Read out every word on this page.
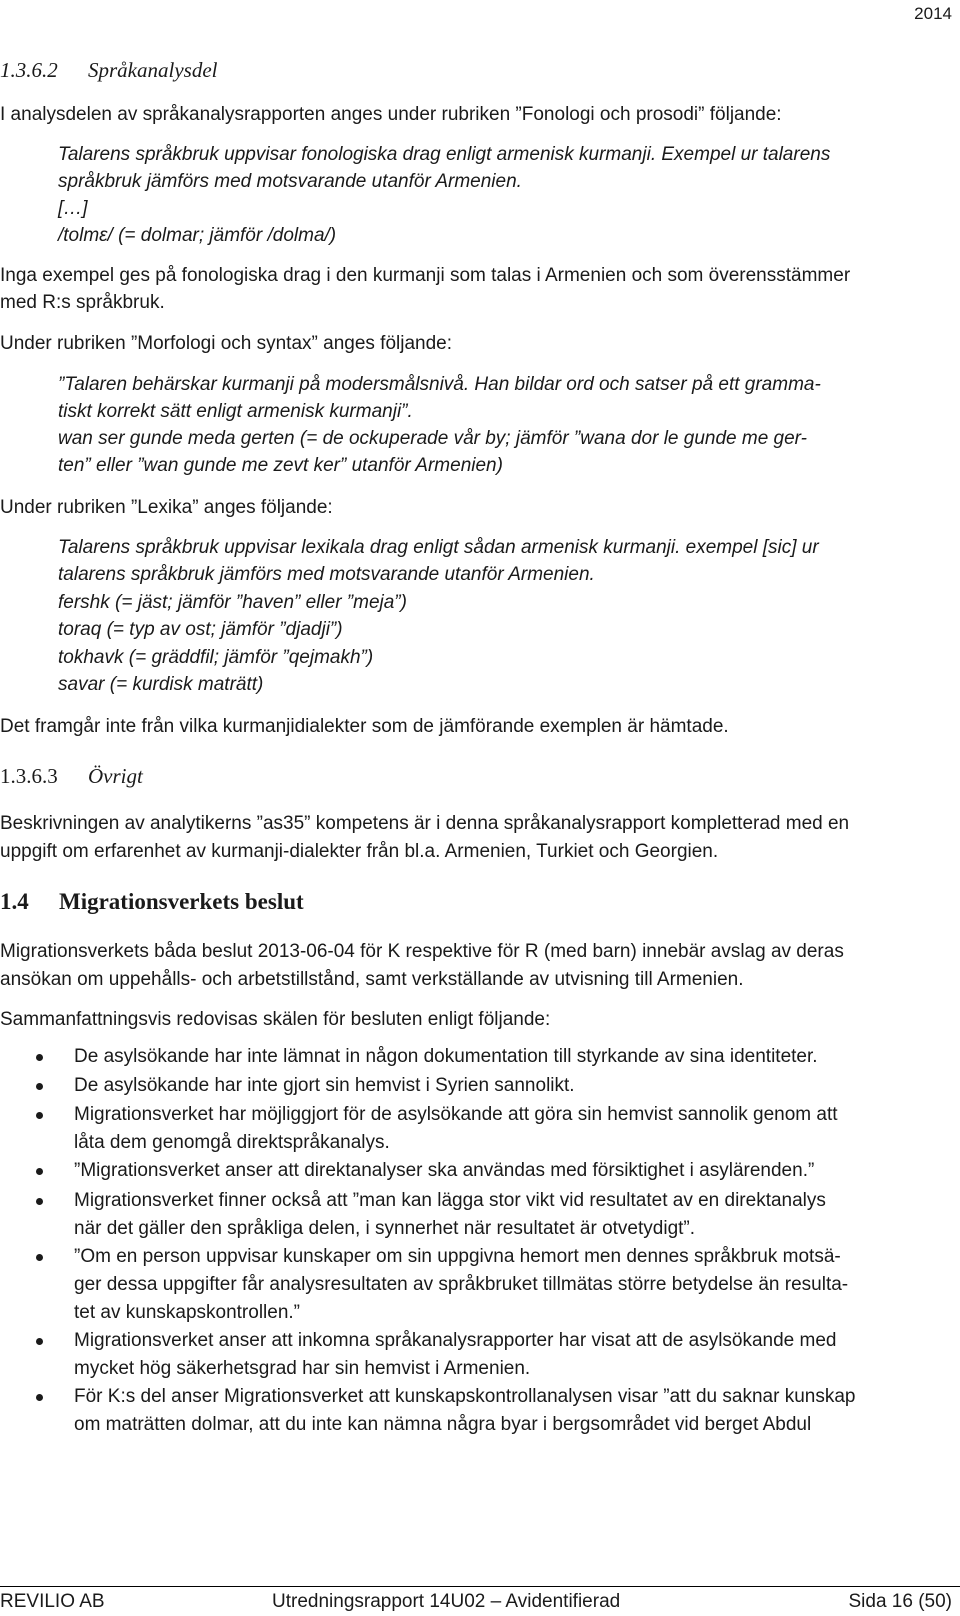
2014
1.3.6.2 Språkanalysdel
I analysdelen av språkanalysrapporten anges under rubriken ”Fonologi och prosodi” följande:
Talarens språkbruk uppvisar fonologiska drag enligt armenisk kurmanji. Exempel ur talarens
språkbruk jämförs med motsvarande utanför Armenien.
[…]
/tolmɛ/ (= dolmar; jämför /dolma/)
Inga exempel ges på fonologiska drag i den kurmanji som talas i Armenien och som överensstämmer
med R:s språkbruk.
Under rubriken ”Morfologi och syntax” anges följande:
”Talaren behärskar kurmanji på modersmålsnivå. Han bildar ord och satser på ett gramma-
tiskt korrekt sätt enligt armenisk kurmanji”.
wan ser gunde meda gerten (= de ockuperade vår by; jämför ”wana dor le gunde me ger-
ten” eller ”wan gunde me zevt ker” utanför Armenien)
Under rubriken ”Lexika” anges följande:
Talarens språkbruk uppvisar lexikala drag enligt sådan armenisk kurmanji. exempel [sic] ur
talarens språkbruk jämförs med motsvarande utanför Armenien.
fershk (= jäst; jämför ”haven” eller ”meja”)
toraq (= typ av ost; jämför ”djadji”)
tokhavk (= gräddfil; jämför ”qejmakh”)
savar (= kurdisk maträtt)
Det framgår inte från vilka kurmanjidialekter som de jämförande exemplen är hämtade.
1.3.6.3 Övrigt
Beskrivningen av analytikerns ”as35” kompetens är i denna språkanalysrapport kompletterad med en
uppgift om erfarenhet av kurmanji-dialekter från bl.a. Armenien, Turkiet och Georgien.
1.4 Migrationsverkets beslut
Migrationsverkets båda beslut 2013-06-04 för K respektive för R (med barn) innebär avslag av deras
ansökan om uppehålls- och arbetstillstånd, samt verkställande av utvisning till Armenien.
Sammanfattningsvis redovisas skälen för besluten enligt följande:
De asylsökande har inte lämnat in någon dokumentation till styrkande av sina identiteter.
De asylsökande har inte gjort sin hemvist i Syrien sannolikt.
Migrationsverket har möjliggjort för de asylsökande att göra sin hemvist sannolik genom att
låta dem genomgå direktspråkanalys.
”Migrationsverket anser att direktanalyser ska användas med försiktighet i asylärenden.”
Migrationsverket finner också att ”man kan lägga stor vikt vid resultatet av en direktanalys
när det gäller den språkliga delen, i synnerhet när resultatet är otvetydigt”.
”Om en person uppvisar kunskaper om sin uppgivna hemort men dennes språkbruk motsä-
ger dessa uppgifter får analysresultaten av språkbruket tillmätas större betydelse än resulta-
tet av kunskapskontrollen.”
Migrationsverket anser att inkomna språkanalysrapporter har visat att de asylsökande med
mycket hög säkerhetsgrad har sin hemvist i Armenien.
För K:s del anser Migrationsverket att kunskapskontrollanalysen visar ”att du saknar kunskap
om maträtten dolmar, att du inte kan nämna några byar i bergsområdet vid berget Abdul
REVILIO AB	Utredningsrapport 14U02 – Avidentifierad	Sida 16 (50)
